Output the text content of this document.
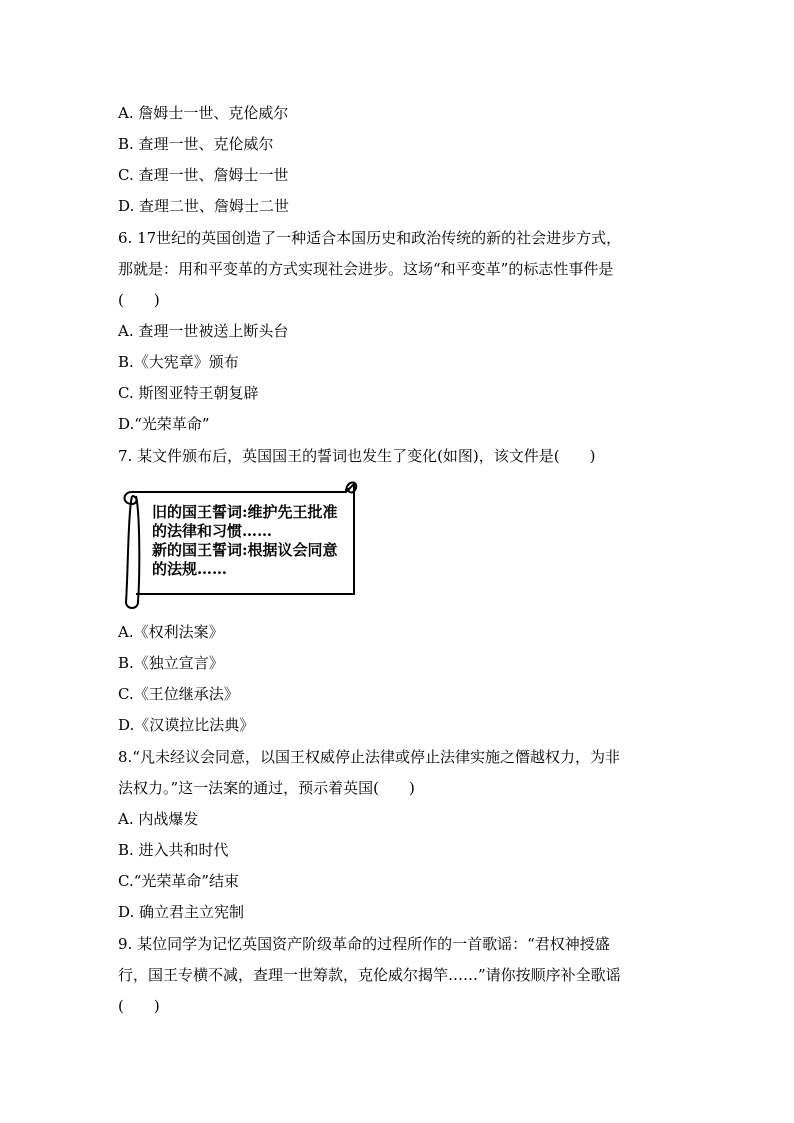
A. 詹姆士一世、克伦威尔
B. 查理一世、克伦威尔
C. 查理一世、詹姆士一世
D. 查理二世、詹姆士二世
6. 17世纪的英国创造了一种适合本国历史和政治传统的新的社会进步方式，
那就是：用和平变革的方式实现社会进步。这场“和平变革”的标志性事件是
(　　)
A. 查理一世被送上断头台
B.《大宪章》颁布
C. 斯图亚特王朝复辟
D.“光荣革命”
7. 某文件颁布后，英国国王的誓词也发生了变化(如图)，该文件是(　　)
旧的国王誓词:维护先王批准
的法律和习惯……
新的国王誓词:根据议会同意
的法规……
A.《权利法案》
B.《独立宣言》
C.《王位继承法》
D.《汉谟拉比法典》
8.“凡未经议会同意，以国王权威停止法律或停止法律实施之僭越权力，为非
法权力。”这一法案的通过，预示着英国(　　)
A. 内战爆发
B. 进入共和时代
C.“光荣革命”结束
D. 确立君主立宪制
9. 某位同学为记忆英国资产阶级革命的过程所作的一首歌谣：“君权神授盛
行，国王专横不减，查理一世筹款，克伦威尔揭竿……”请你按顺序补全歌谣
(　　)
